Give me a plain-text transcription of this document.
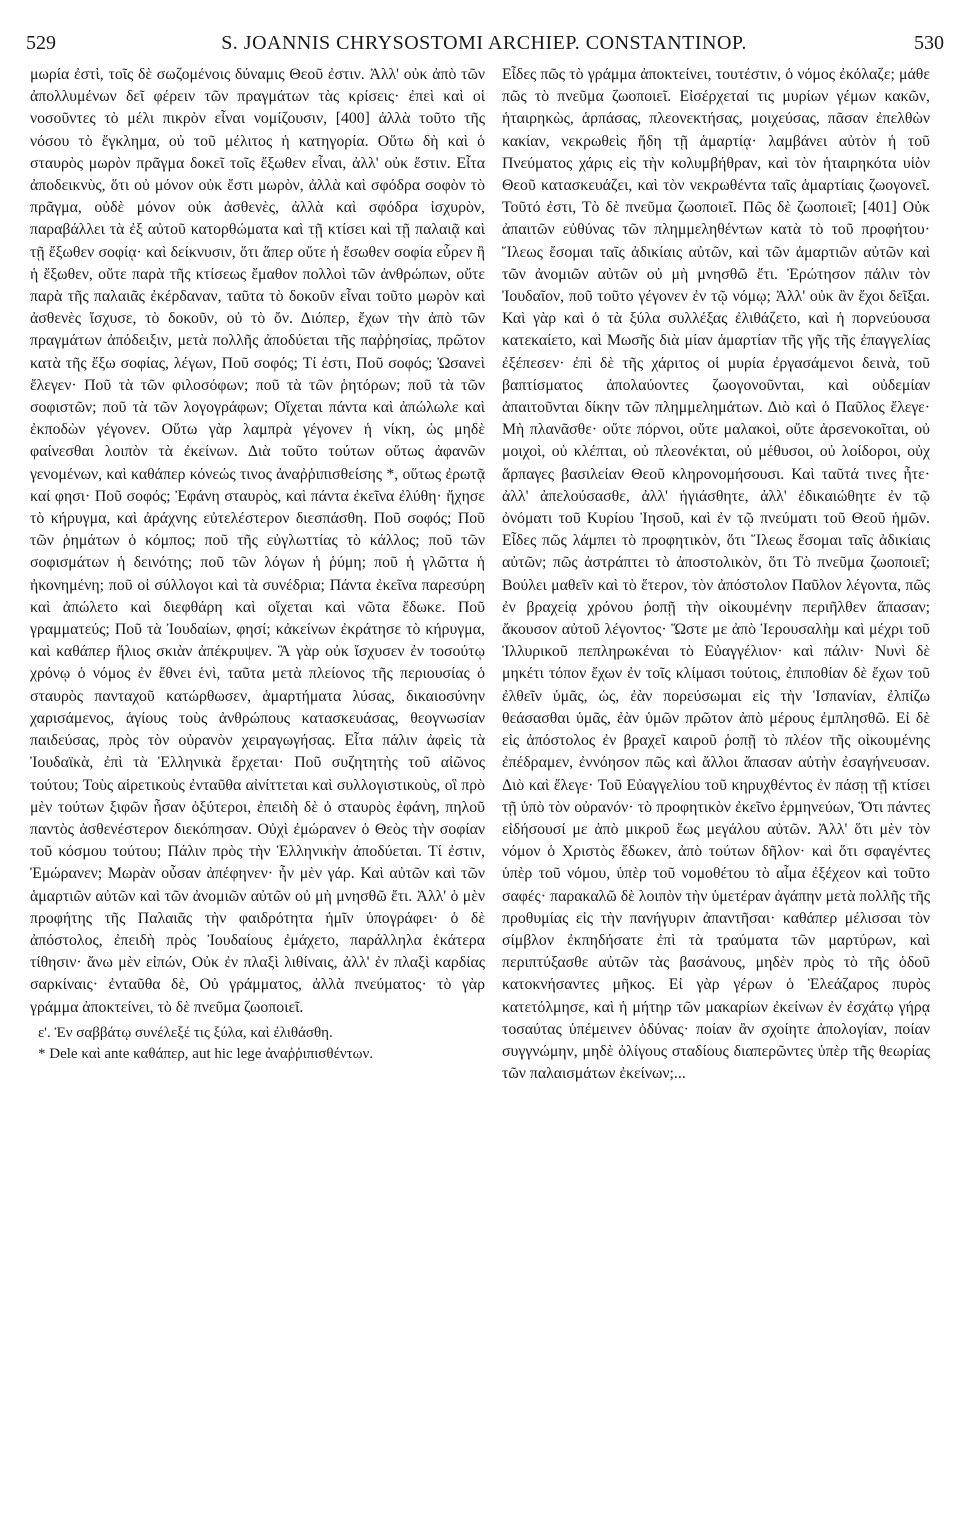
529	S. JOANNIS CHRYSOSTOMI ARCHIEP. CONSTANTINOP.	530

μωρία ἐστὶ, τοῖς δὲ σωζομένοις δύναμις Θεοῦ ἐστιν. Ἀλλ' οὐκ ἀπὸ τῶν ἀπολλυμένων δεῖ φέρειν τῶν πραγμάτων τὰς κρίσεις· ἐπεὶ καὶ οἱ νοσοῦντες τὸ μέλι πικρὸν εἶναι νομίζουσιν, [400] ἀλλὰ τοῦτο τῆς νόσου τὸ ἔγκλημα, οὐ τοῦ μέλιτος ἡ κατηγορία. Οὕτω δὴ καὶ ὁ σταυρὸς μωρὸν πρᾶγμα δοκεῖ τοῖς ἔξωθεν εἶναι, ἀλλ' οὐκ ἔστιν. Εἶτα ἀποδεικνὺς, ὅτι οὐ μόνον οὐκ ἔστι μωρὸν, ἀλλὰ καὶ σφόδρα σοφὸν τὸ πρᾶγμα, οὐδὲ μόνον οὐκ ἀσθενὲς, ἀλλὰ καὶ σφόδρα ἰσχυρὸν, παραβάλλει τὰ ἐξ αὐτοῦ κατορθώματα καὶ τῇ κτίσει καὶ τῇ παλαιᾷ καὶ τῇ ἔξωθεν σοφίᾳ· καὶ δείκνυσιν, ὅτι ἅπερ οὔτε ἡ ἔσωθεν σοφία εὗρεν ἢ ἡ ἔξωθεν, οὔτε παρὰ τῆς κτίσεως ἔμαθον πολλοὶ τῶν ἀνθρώπων, οὔτε παρὰ τῆς παλαιᾶς ἐκέρδαναν, ταῦτα τὸ δοκοῦν εἶναι τοῦτο μωρὸν καὶ ἀσθενὲς ἴσχυσε, τὸ δοκοῦν, οὐ τὸ ὄν. Διόπερ, ἔχων τὴν ἀπὸ τῶν πραγμάτων ἀπόδειξιν, μετὰ πολλῆς ἀποδύεται τῆς παῤῥησίας, πρῶτον κατὰ τῆς ἔξω σοφίας, λέγων, Ποῦ σοφός; Τί ἐστι, Ποῦ σοφός; Ὡσανεὶ ἔλεγεν· Ποῦ τὰ τῶν φιλοσόφων; ποῦ τὰ τῶν ῥητόρων; ποῦ τὰ τῶν σοφιστῶν; ποῦ τὰ τῶν λογογράφων; Οἴχεται πάντα καὶ ἀπώλωλε καὶ ἐκποδὼν γέγονεν. Οὕτω γὰρ λαμπρὰ γέγονεν ἡ νίκη, ὡς μηδὲ φαίνεσθαι λοιπὸν τὰ ἐκείνων. Διὰ τοῦτο τούτων οὕτως ἀφανῶν γενομένων, καὶ καθάπερ κόνεώς τινος ἀναῤῥιπισθείσης *, οὕτως ἐρωτᾷ καί φησι· Ποῦ σοφός; Ἐφάνη σταυρὸς, καὶ πάντα ἐκεῖνα ἐλύθη· ἤχησε τὸ κήρυγμα, καὶ ἀράχνης εὐτελέστερον διεσπάσθη. Ποῦ σοφός; Ποῦ τῶν ῥημάτων ὁ κόμπος; ποῦ τῆς εὐγλωττίας τὸ κάλλος; ποῦ τῶν σοφισμάτων ἡ δεινότης; ποῦ τῶν λόγων ἡ ῥύμη; ποῦ ἡ γλῶττα ἡ ἠκονημένη; ποῦ οἱ σύλλογοι καὶ τὰ συνέδρια; Πάντα ἐκεῖνα παρεσύρη καὶ ἀπώλετο καὶ διεφθάρη καὶ οἴχεται καὶ νῶτα ἔδωκε. Ποῦ γραμματεύς; Ποῦ τὰ Ἰουδαίων, φησί; κἀκείνων ἐκράτησε τὸ κήρυγμα, καὶ καθάπερ ἥλιος σκιὰν ἀπέκρυψεν. Ἃ γὰρ οὐκ ἴσχυσεν ἐν τοσούτῳ χρόνῳ ὁ νόμος ἐν ἔθνει ἑνὶ, ταῦτα μετὰ πλείονος τῆς περιουσίας ὁ σταυρὸς πανταχοῦ κατώρθωσεν, ἁμαρτήματα λύσας, δικαιοσύνην χαρισάμενος, ἁγίους τοὺς ἀνθρώπους κατασκευάσας, θεογνωσίαν παιδεύσας, πρὸς τὸν οὐρανὸν χειραγωγήσας. Εἶτα πάλιν ἀφεὶς τὰ Ἰουδαϊκὰ, ἐπὶ τὰ Ἑλληνικὰ ἔρχεται· Ποῦ συζητητὴς τοῦ αἰῶνος τούτου; Τοὺς αἱρετικοὺς ἐνταῦθα αἰνίττεται καὶ συλλογιστικοὺς, οἳ πρὸ μὲν τούτων ξιφῶν ἦσαν ὀξύτεροι, ἐπειδὴ δὲ ὁ σταυρὸς ἐφάνη, πηλοῦ παντὸς ἀσθενέστερον διεκόπησαν. Οὐχὶ ἐμώρανεν ὁ Θεὸς τὴν σοφίαν τοῦ κόσμου τούτου; Πάλιν πρὸς τὴν Ἑλληνικὴν ἀποδύεται. Τί ἐστιν, Ἐμώρανεν; Μωρὰν οὖσαν ἀπέφηνεν· ἦν μὲν γάρ. Καὶ αὐτῶν καὶ τῶν ἁμαρτιῶν αὐτῶν καὶ τῶν ἀνομιῶν αὐτῶν οὐ μὴ μνησθῶ ἔτι. Ἀλλ' ὁ μὲν προφήτης τῆς Παλαιᾶς τὴν φαιδρότητα ἡμῖν ὑπογράφει· ὁ δὲ ἀπόστολος, ἐπειδὴ πρὸς Ἰουδαίους ἐμάχετο, παράλληλα ἑκάτερα τίθησιν· ἄνω μὲν εἰπών, Οὐκ ἐν πλαξὶ λιθίναις, ἀλλ' ἐν πλαξὶ καρδίας σαρκίναις· ἐνταῦθα δὲ, Οὐ γράμματος, ἀλλὰ πνεύματος· τὸ γὰρ γράμμα ἀποκτείνει, τὸ δὲ πνεῦμα ζωοποιεῖ.

ε'. Ἐν σαββάτῳ συνέλεξέ τις ξύλα, καὶ ἐλιθάσθη.

* Dele καὶ ante καθάπερ, aut hic lege ἀναῤῥιπισθέντων.

Εἶδες πῶς τὸ γράμμα ἀποκτείνει, τουτέστιν, ὁ νόμος ἐκόλαζε; μάθε πῶς τὸ πνεῦμα ζωοποιεῖ. Εἰσέρχεταί τις μυρίων γέμων κακῶν, ἡταιρηκὼς, ἁρπάσας, πλεονεκτήσας, μοιχεύσας, πᾶσαν ἐπελθὼν κακίαν, νεκρωθεὶς ἤδη τῇ ἁμαρτίᾳ· λαμβάνει αὐτὸν ἡ τοῦ Πνεύματος χάρις εἰς τὴν κολυμβήθραν, καὶ τὸν ἡταιρηκότα υἱὸν Θεοῦ κατασκευάζει, καὶ τὸν νεκρωθέντα ταῖς ἁμαρτίαις ζωογονεῖ. Τοῦτό ἐστι, Τὸ δὲ πνεῦμα ζωοποιεῖ. Πῶς δὲ ζωοποιεῖ; [401] Οὐκ ἀπαιτῶν εὐθύνας τῶν πλημμεληθέντων κατὰ τὸ τοῦ προφήτου· Ἵλεως ἔσομαι ταῖς ἀδικίαις αὐτῶν, καὶ τῶν ἁμαρτιῶν αὐτῶν καὶ τῶν ἀνομιῶν αὐτῶν οὐ μὴ μνησθῶ ἔτι. Ἐρώτησον πάλιν τὸν Ἰουδαῖον, ποῦ τοῦτο γέγονεν ἐν τῷ νόμῳ; Ἀλλ' οὐκ ἂν ἔχοι δεῖξαι. Καὶ γὰρ καὶ ὁ τὰ ξύλα συλλέξας ἐλιθάζετο, καὶ ἡ πορνεύουσα κατεκαίετο, καὶ Μωσῆς διὰ μίαν ἁμαρτίαν τῆς γῆς τῆς ἐπαγγελίας ἐξέπεσεν· ἐπὶ δὲ τῆς χάριτος οἱ μυρία ἐργασάμενοι δεινὰ, τοῦ βαπτίσματος ἀπολαύοντες ζωογονοῦνται, καὶ οὐδεμίαν ἀπαιτοῦνται δίκην τῶν πλημμελημάτων. Διὸ καὶ ὁ Παῦλος ἔλεγε· Μὴ πλανᾶσθε· οὔτε πόρνοι, οὔτε μαλακοὶ, οὔτε ἀρσενοκοῖται, οὐ μοιχοὶ, οὐ κλέπται, οὐ πλεονέκται, οὐ μέθυσοι, οὐ λοίδοροι, οὐχ ἅρπαγες βασιλείαν Θεοῦ κληρονομήσουσι. Καὶ ταῦτά τινες ἦτε· ἀλλ' ἀπελούσασθε, ἀλλ' ἡγιάσθητε, ἀλλ' ἐδικαιώθητε ἐν τῷ ὀνόματι τοῦ Κυρίου Ἰησοῦ, καὶ ἐν τῷ πνεύματι τοῦ Θεοῦ ἡμῶν. Εἶδες πῶς λάμπει τὸ προφητικὸν, ὅτι Ἵλεως ἔσομαι ταῖς ἀδικίαις αὐτῶν; πῶς ἀστράπτει τὸ ἀποστολικὸν, ὅτι Τὸ πνεῦμα ζωοποιεῖ; Βούλει μαθεῖν καὶ τὸ ἕτερον, τὸν ἀπόστολον Παῦλον λέγοντα, πῶς ἐν βραχείᾳ χρόνου ῥοπῇ τὴν οἰκουμένην περιῆλθεν ἅπασαν; ἄκουσον αὐτοῦ λέγοντος· Ὥστε με ἀπὸ Ἱερουσαλὴμ καὶ μέχρι τοῦ Ἰλλυρικοῦ πεπληρωκέναι τὸ Εὐαγγέλιον· καὶ πάλιν· Νυνὶ δὲ μηκέτι τόπον ἔχων ἐν τοῖς κλίμασι τούτοις, ἐπιποθίαν δὲ ἔχων τοῦ ἐλθεῖν ὑμᾶς, ὡς, ἐὰν πορεύσωμαι εἰς τὴν Ἱσπανίαν, ἐλπίζω θεάσασθαι ὑμᾶς, ἐὰν ὑμῶν πρῶτον ἀπὸ μέρους ἐμπλησθῶ. Εἰ δὲ εἰς ἀπόστολος ἐν βραχεῖ καιροῦ ῥοπῇ τὸ πλέον τῆς οἰκουμένης ἐπέδραμεν, ἐννόησον πῶς καὶ ἄλλοι ἅπασαν αὐτὴν ἐσαγήνευσαν. Διὸ καὶ ἔλεγε· Τοῦ Εὐαγγελίου τοῦ κηρυχθέντος ἐν πάσῃ τῇ κτίσει τῇ ὑπὸ τὸν οὐρανόν· τὸ προφητικὸν ἐκεῖνο ἑρμηνεύων, Ὅτι πάντες εἰδήσουσί με ἀπὸ μικροῦ ἕως μεγάλου αὐτῶν. Ἀλλ' ὅτι μὲν τὸν νόμον ὁ Χριστὸς ἔδωκεν, ἀπὸ τούτων δῆλον· καὶ ὅτι σφαγέντες ὑπὲρ τοῦ νόμου, ὑπὲρ τοῦ νομοθέτου τὸ αἷμα ἐξέχεον καὶ τοῦτο σαφές· παρακαλῶ δὲ λοιπὸν τὴν ὑμετέραν ἀγάπην μετὰ πολλῆς τῆς προθυμίας εἰς τὴν πανήγυριν ἀπαντῆσαι· καθάπερ μέλισσαι τὸν σίμβλον ἐκπηδήσατε ἐπὶ τὰ τραύματα τῶν μαρτύρων, καὶ περιπτύξασθε αὐτῶν τὰς βασάνους, μηδὲν πρὸς τὸ τῆς ὁδοῦ κατοκνήσαντες μῆκος. Εἰ γὰρ γέρων ὁ Ἐλεάζαρος πυρὸς κατετόλμησε, καὶ ἡ μήτηρ τῶν μακαρίων ἐκείνων ἐν ἐσχάτῳ γήρᾳ τοσαύτας ὑπέμεινεν ὀδύνας· ποίαν ἂν σχοίητε ἀπολογίαν, ποίαν συγγνώμην, μηδὲ ὀλίγους σταδίους διαπερῶντες ὑπὲρ τῆς θεωρίας τῶν παλαισμάτων ἐκείνων;...
